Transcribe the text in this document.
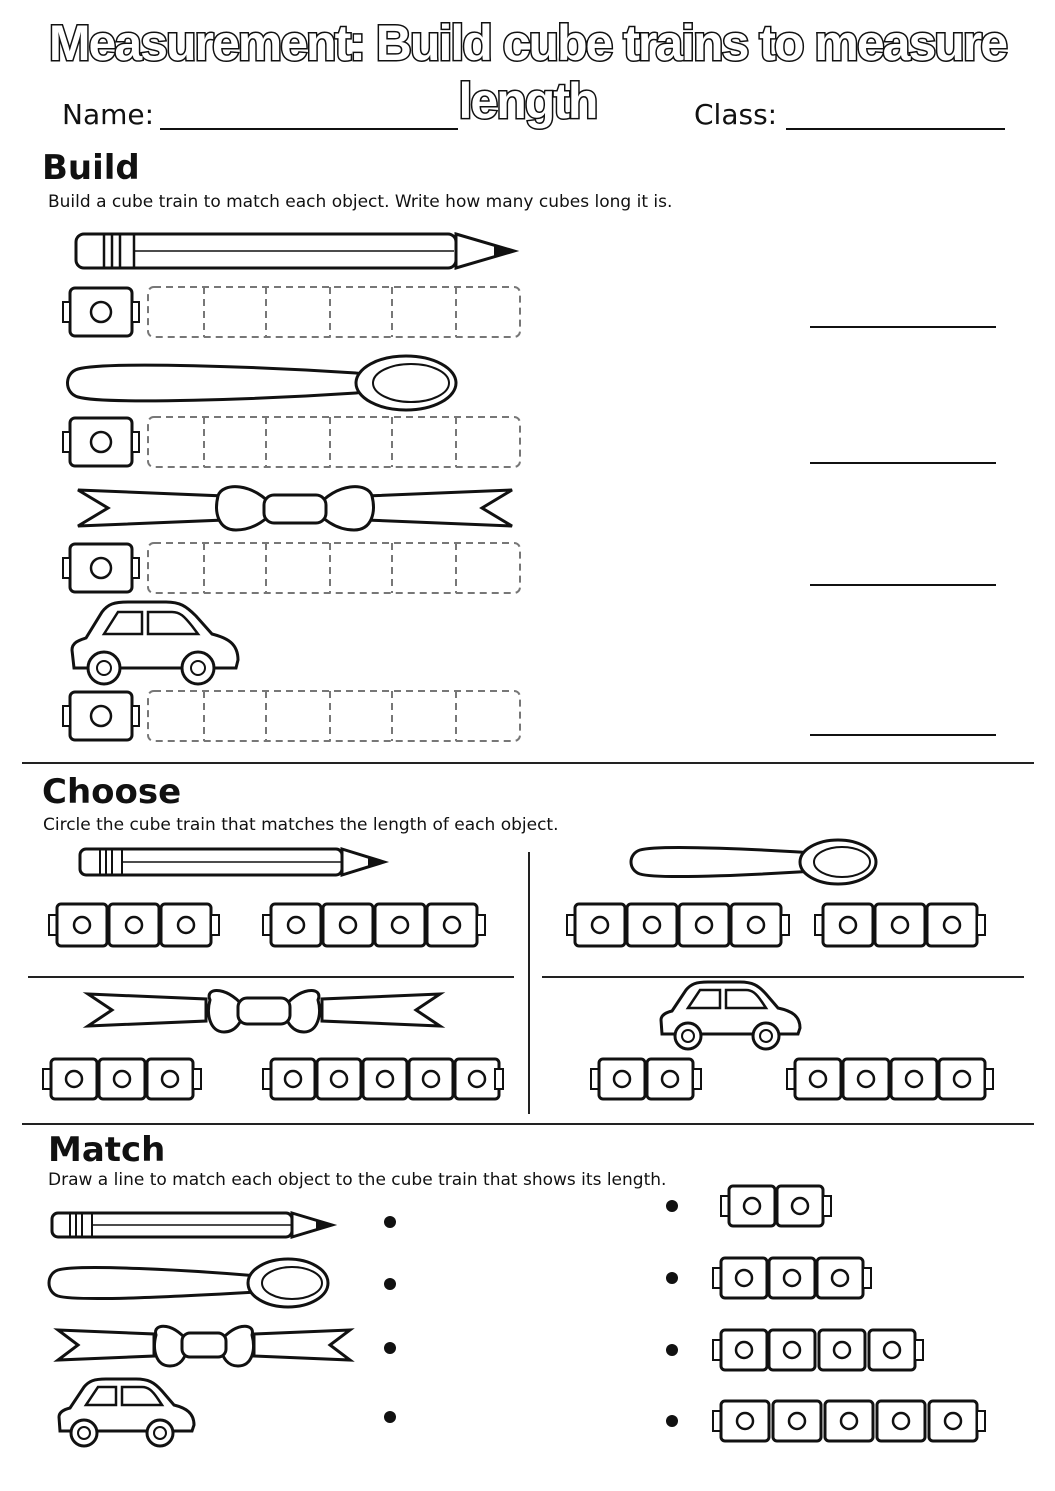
Measurement: Build cube trains to measure length
Name:	Class:
Build
Build a cube train to match each object. Write how many cubes long it is.
Choose
Circle the cube train that matches the length of each object.
Match
Draw a line to match each object to the cube train that shows its length.
